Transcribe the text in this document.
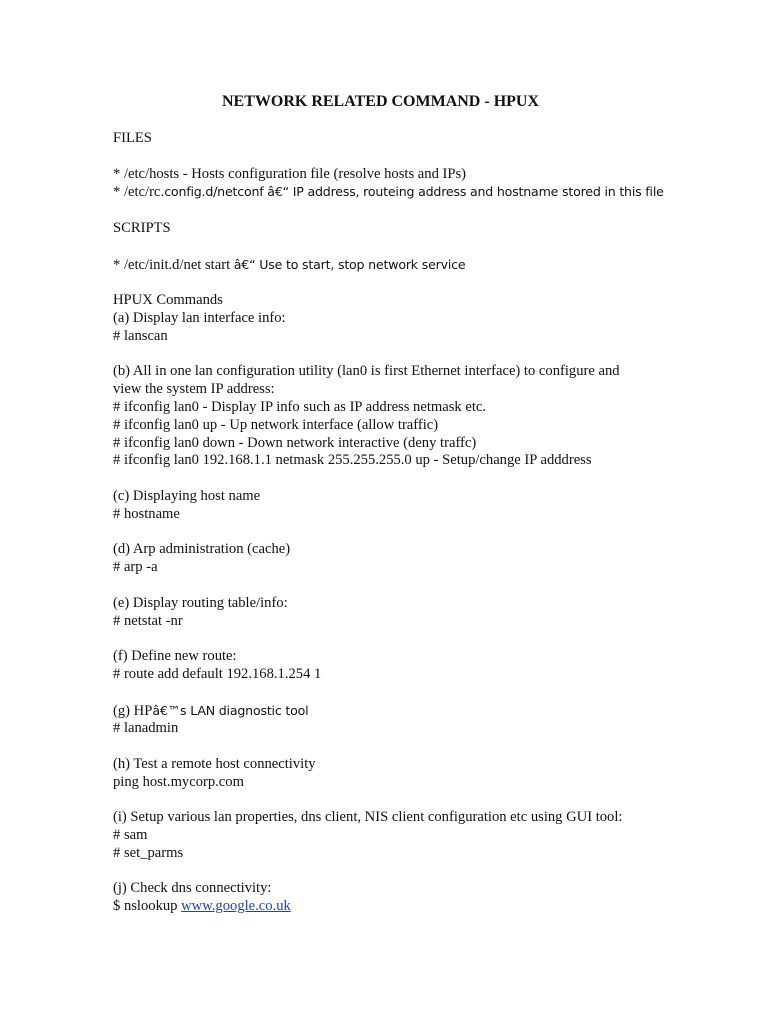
NETWORK RELATED COMMAND - HPUX

FILES

* /etc/hosts - Hosts configuration file (resolve hosts and IPs)

* /etc/rc.config.d/netconf â€“ IP address, routeing address and hostname stored in this file

SCRIPTS

* /etc/init.d/net start â€“ Use to start, stop network service

HPUX Commands

(a) Display lan interface info:

# lanscan

(b) All in one lan configuration utility (lan0 is first Ethernet interface) to configure and

view the system IP address:

# ifconfig lan0 - Display IP info such as IP address netmask etc.

# ifconfig lan0 up - Up network interface (allow traffic)

# ifconfig lan0 down - Down network interactive (deny traffc)

# ifconfig lan0 192.168.1.1 netmask 255.255.255.0 up - Setup/change IP adddress

(c) Displaying host name

# hostname

(d) Arp administration (cache)

# arp -a

(e) Display routing table/info:

# netstat -nr

(f) Define new route:

# route add default 192.168.1.254 1

(g) HPâ€™s LAN diagnostic tool

# lanadmin

(h) Test a remote host connectivity

ping host.mycorp.com

(i) Setup various lan properties, dns client, NIS client configuration etc using GUI tool:

# sam

# set_parms

(j) Check dns connectivity:

$ nslookup www.google.co.uk
